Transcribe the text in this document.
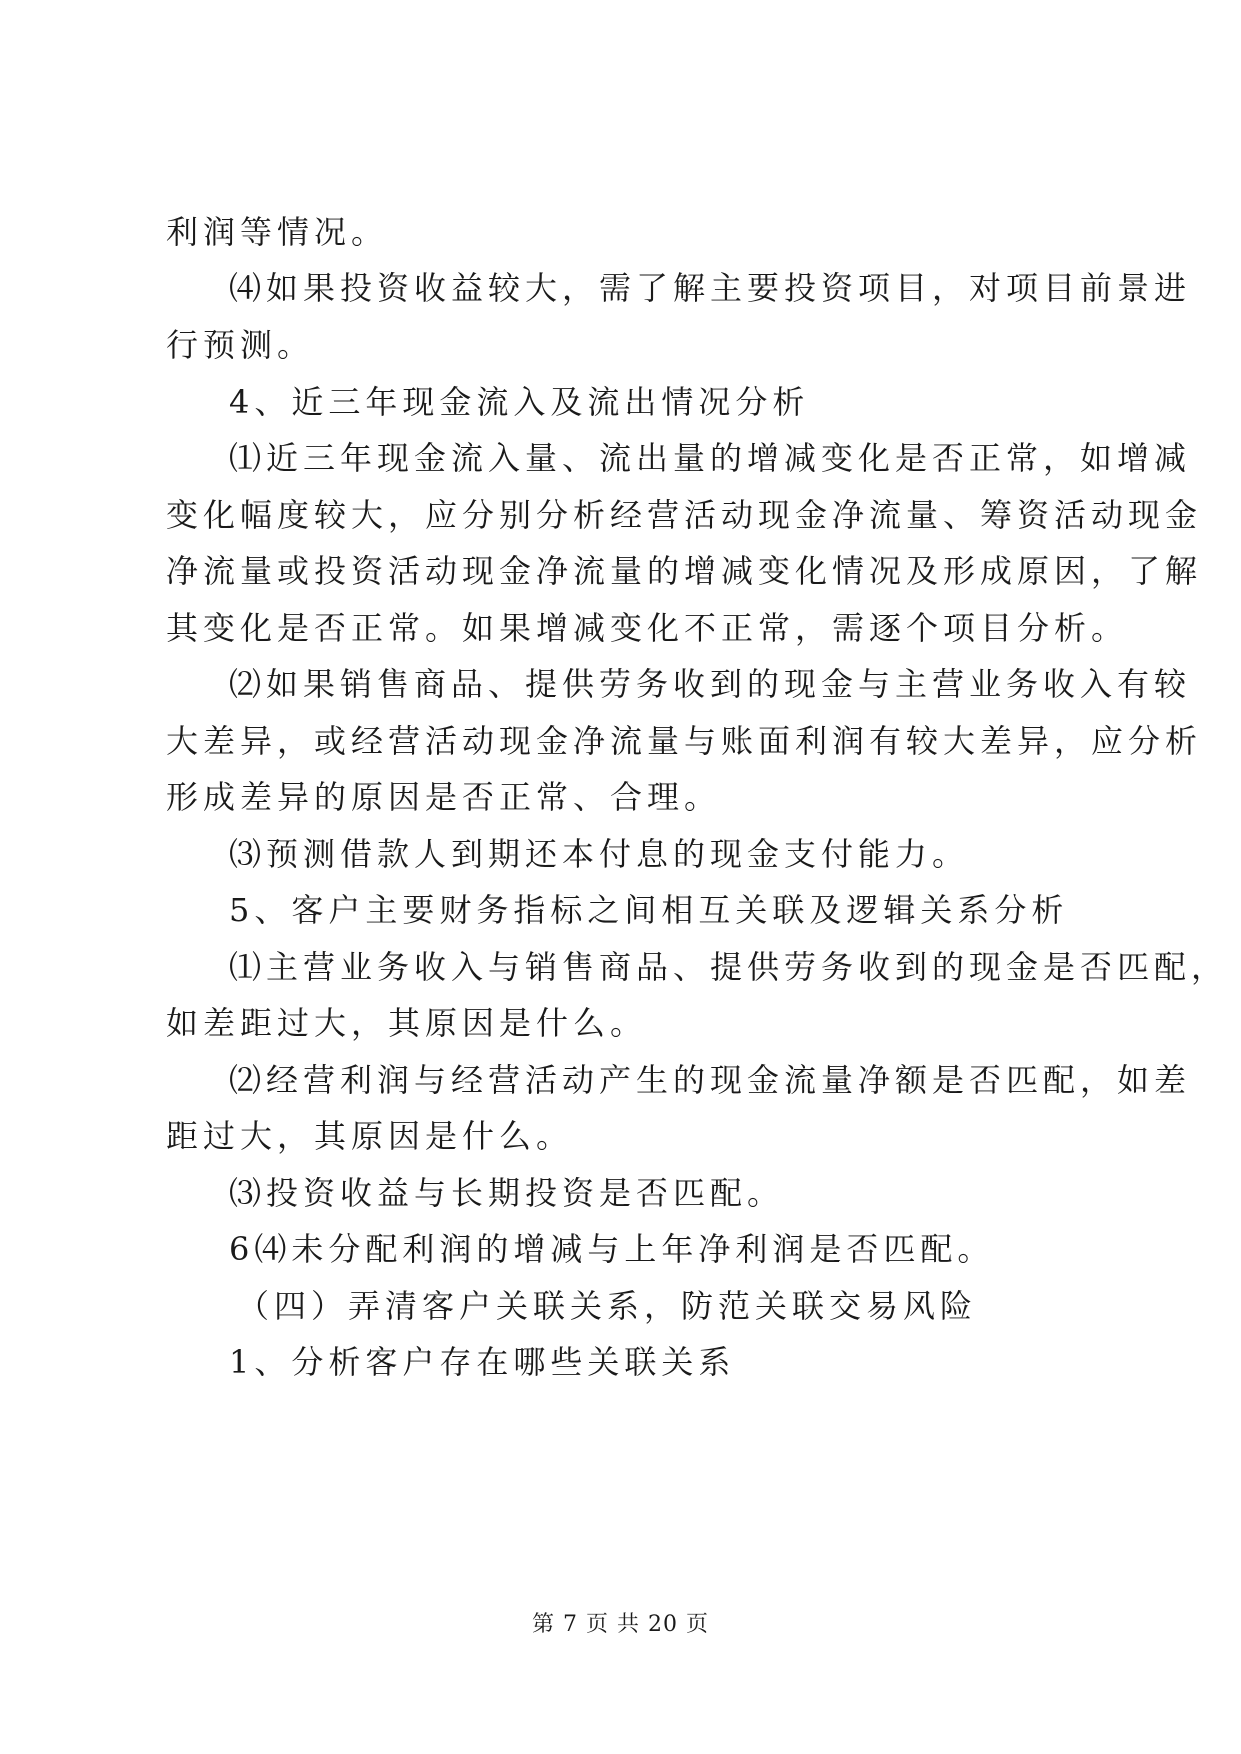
利润等情况。
⑷如果投资收益较大，需了解主要投资项目，对项目前景进
行预测。
4、近三年现金流入及流出情况分析
⑴近三年现金流入量、流出量的增减变化是否正常，如增减
变化幅度较大，应分别分析经营活动现金净流量、筹资活动现金
净流量或投资活动现金净流量的增减变化情况及形成原因，了解
其变化是否正常。如果增减变化不正常，需逐个项目分析。
⑵如果销售商品、提供劳务收到的现金与主营业务收入有较
大差异，或经营活动现金净流量与账面利润有较大差异，应分析
形成差异的原因是否正常、合理。
⑶预测借款人到期还本付息的现金支付能力。
5、客户主要财务指标之间相互关联及逻辑关系分析
⑴主营业务收入与销售商品、提供劳务收到的现金是否匹配，
如差距过大，其原因是什么。
⑵经营利润与经营活动产生的现金流量净额是否匹配，如差
距过大，其原因是什么。
⑶投资收益与长期投资是否匹配。
6⑷未分配利润的增减与上年净利润是否匹配。
（四）弄清客户关联关系，防范关联交易风险
1、分析客户存在哪些关联关系
第 7 页 共 20 页
